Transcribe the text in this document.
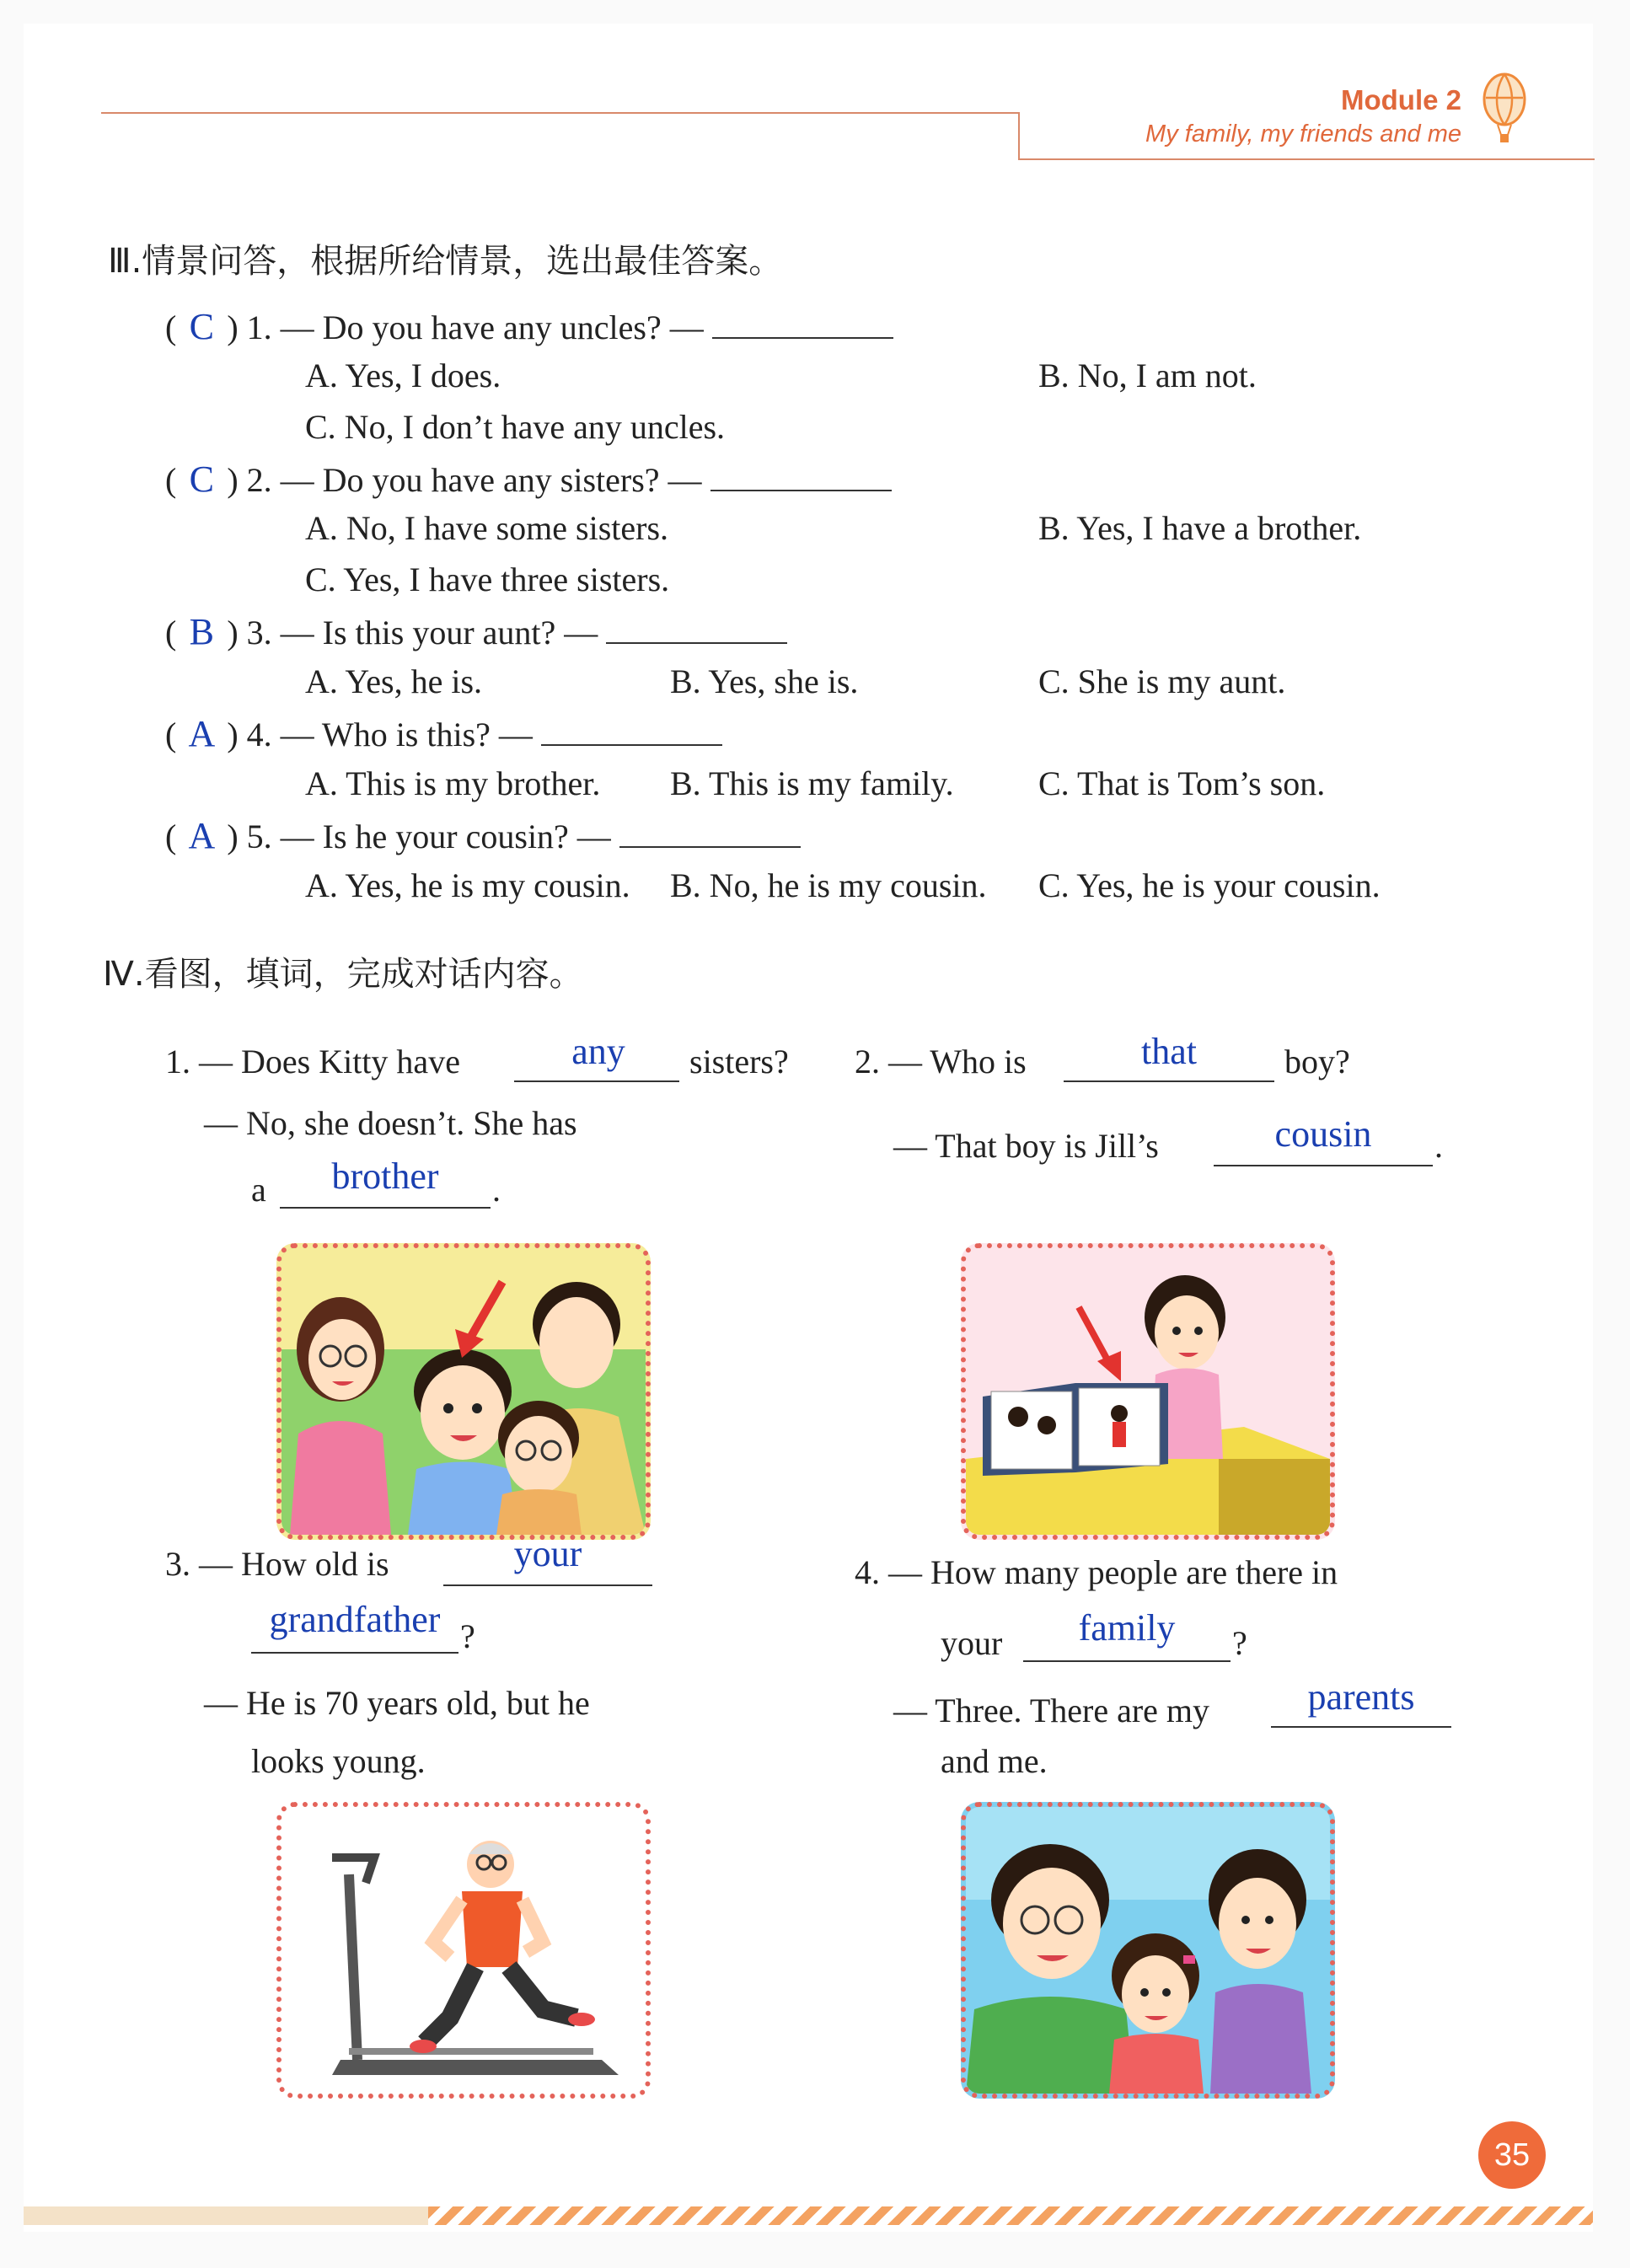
Module 2
My family, my friends and me
Ⅲ.情景问答，根据所给情景，选出最佳答案。
( C ) 1. — Do you have any uncles? —
A. Yes, I does.	B. No, I am not.
C. No, I don’t have any uncles.
( C ) 2. — Do you have any sisters? —
A. No, I have some sisters.	B. Yes, I have a brother.
C. Yes, I have three sisters.
( B ) 3. — Is this your aunt? —
A. Yes, he is.	B. Yes, she is.	C. She is my aunt.
( A ) 4. — Who is this? —
A. This is my brother. B. This is my family.	C. That is Tom’s son.
( A ) 5. — Is he your cousin? —
A. Yes, he is my cousin. B. No, he is my cousin. C. Yes, he is your cousin.
Ⅳ.看图，填词，完成对话内容。
1. — Does Kitty have	any	sisters?
— No, she doesn’t. She has
a	brother	.
2. — Who is	that	boy?
— That boy is Jill’s	cousin	.
3. — How old is	your
grandfather ?
— He is 70 years old, but he
looks young.
4. — How many people are there in
your	family	?
— Three. There are my	parents
and me.
35
